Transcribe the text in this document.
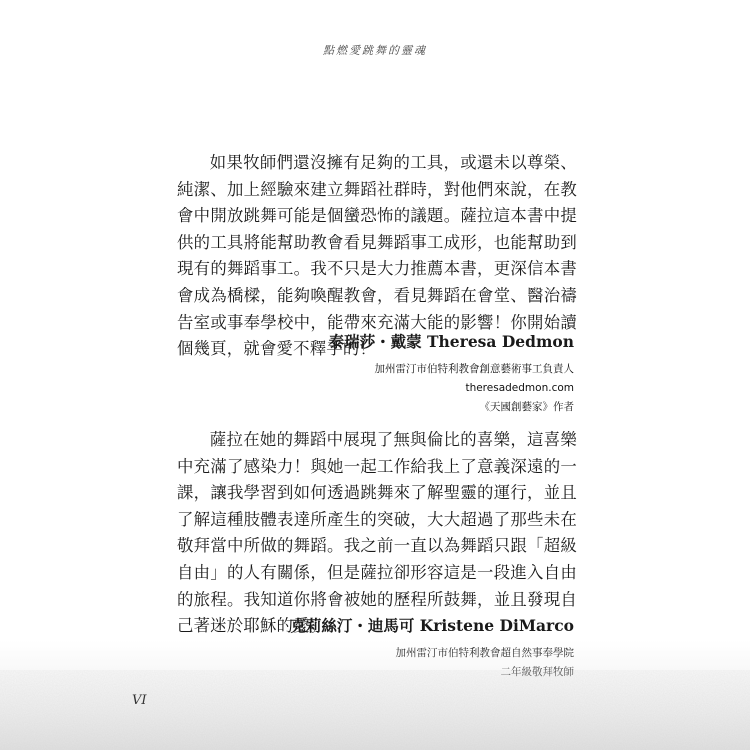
點燃愛跳舞的靈魂

如果牧師們還沒擁有足夠的工具，或還未以尊榮、純潔、加上經驗來建立舞蹈社群時，對他們來說，在教會中開放跳舞可能是個蠻恐怖的議題。薩拉這本書中提供的工具將能幫助教會看見舞蹈事工成形，也能幫助到現有的舞蹈事工。我不只是大力推薦本書，更深信本書會成為橋樑，能夠喚醒教會，看見舞蹈在會堂、醫治禱告室或事奉學校中，能帶來充滿大能的影響！你開始讀個幾頁，就會愛不釋手的！

泰瑞莎・戴蒙 Theresa Dedmon
加州雷汀市伯特利教會創意藝術事工負責人
theresadedmon.com
《天國創藝家》作者

薩拉在她的舞蹈中展現了無與倫比的喜樂，這喜樂中充滿了感染力！與她一起工作給我上了意義深遠的一課，讓我學習到如何透過跳舞來了解聖靈的運行，並且了解這種肢體表達所產生的突破，大大超過了那些未在敬拜當中所做的舞蹈。我之前一直以為舞蹈只跟「超級自由」的人有關係，但是薩拉卻形容這是一段進入自由的旅程。我知道你將會被她的歷程所鼓舞，並且發現自己著迷於耶穌的愛。

克莉絲汀・迪馬可 Kristene DiMarco
VI
